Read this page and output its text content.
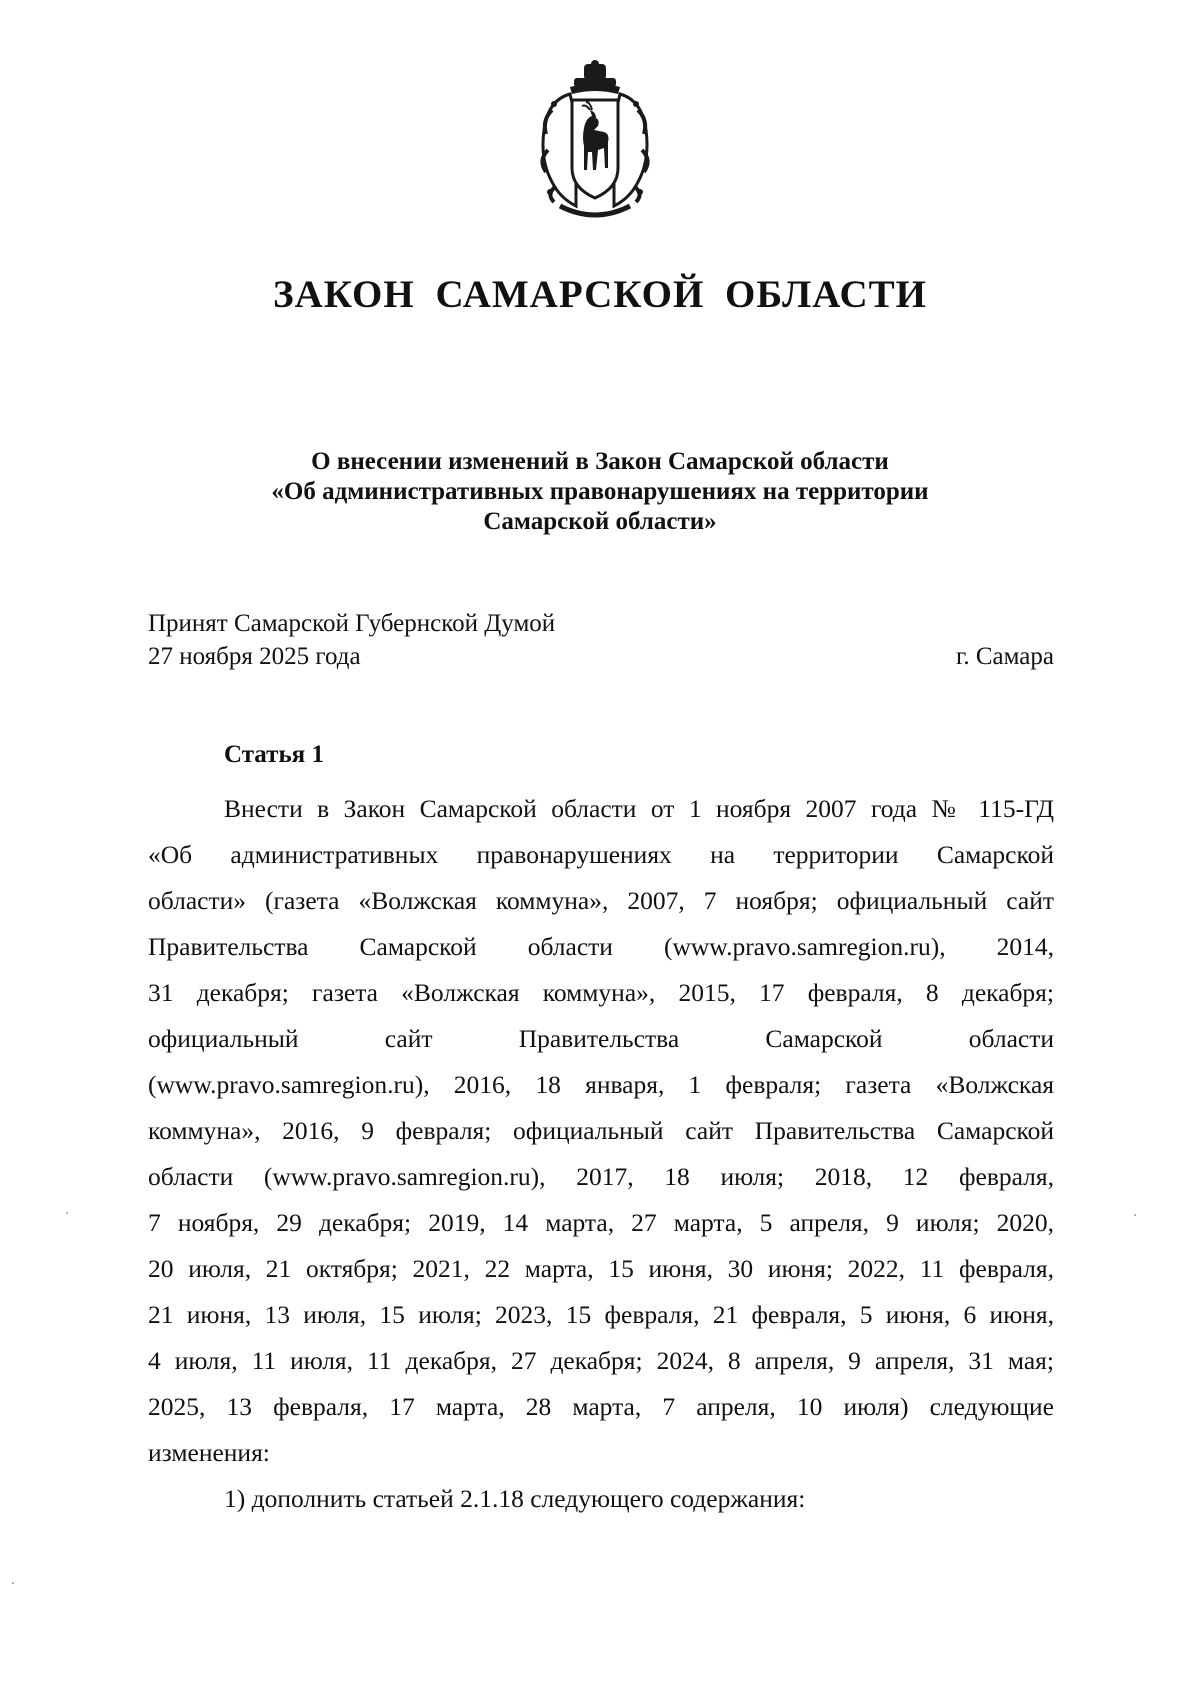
ЗАКОН САМАРСКОЙ ОБЛАСТИ
О внесении изменений в Закон Самарской области
«Об административных правонарушениях на территории
Самарской области»
Принят Самарской Губернской Думой
27 ноября 2025 года	г. Самара
Статья 1
Внести в Закон Самарской области от 1 ноября 2007 года № 115-ГД
«Об административных правонарушениях на территории Самарской
области» (газета «Волжская коммуна», 2007, 7 ноября; официальный сайт
Правительства Самарской области (www.pravo.samregion.ru), 2014,
31 декабря; газета «Волжская коммуна», 2015, 17 февраля, 8 декабря;
официальный сайт Правительства Самарской области
(www.pravo.samregion.ru), 2016, 18 января, 1 февраля; газета «Волжская
коммуна», 2016, 9 февраля; официальный сайт Правительства Самарской
области (www.pravo.samregion.ru), 2017, 18 июля; 2018, 12 февраля,
7 ноября, 29 декабря; 2019, 14 марта, 27 марта, 5 апреля, 9 июля; 2020,
20 июля, 21 октября; 2021, 22 марта, 15 июня, 30 июня; 2022, 11 февраля,
21 июня, 13 июля, 15 июля; 2023, 15 февраля, 21 февраля, 5 июня, 6 июня,
4 июля, 11 июля, 11 декабря, 27 декабря; 2024, 8 апреля, 9 апреля, 31 мая;
2025, 13 февраля, 17 марта, 28 марта, 7 апреля, 10 июля) следующие
изменения:
1) дополнить статьей 2.1.18 следующего содержания:
